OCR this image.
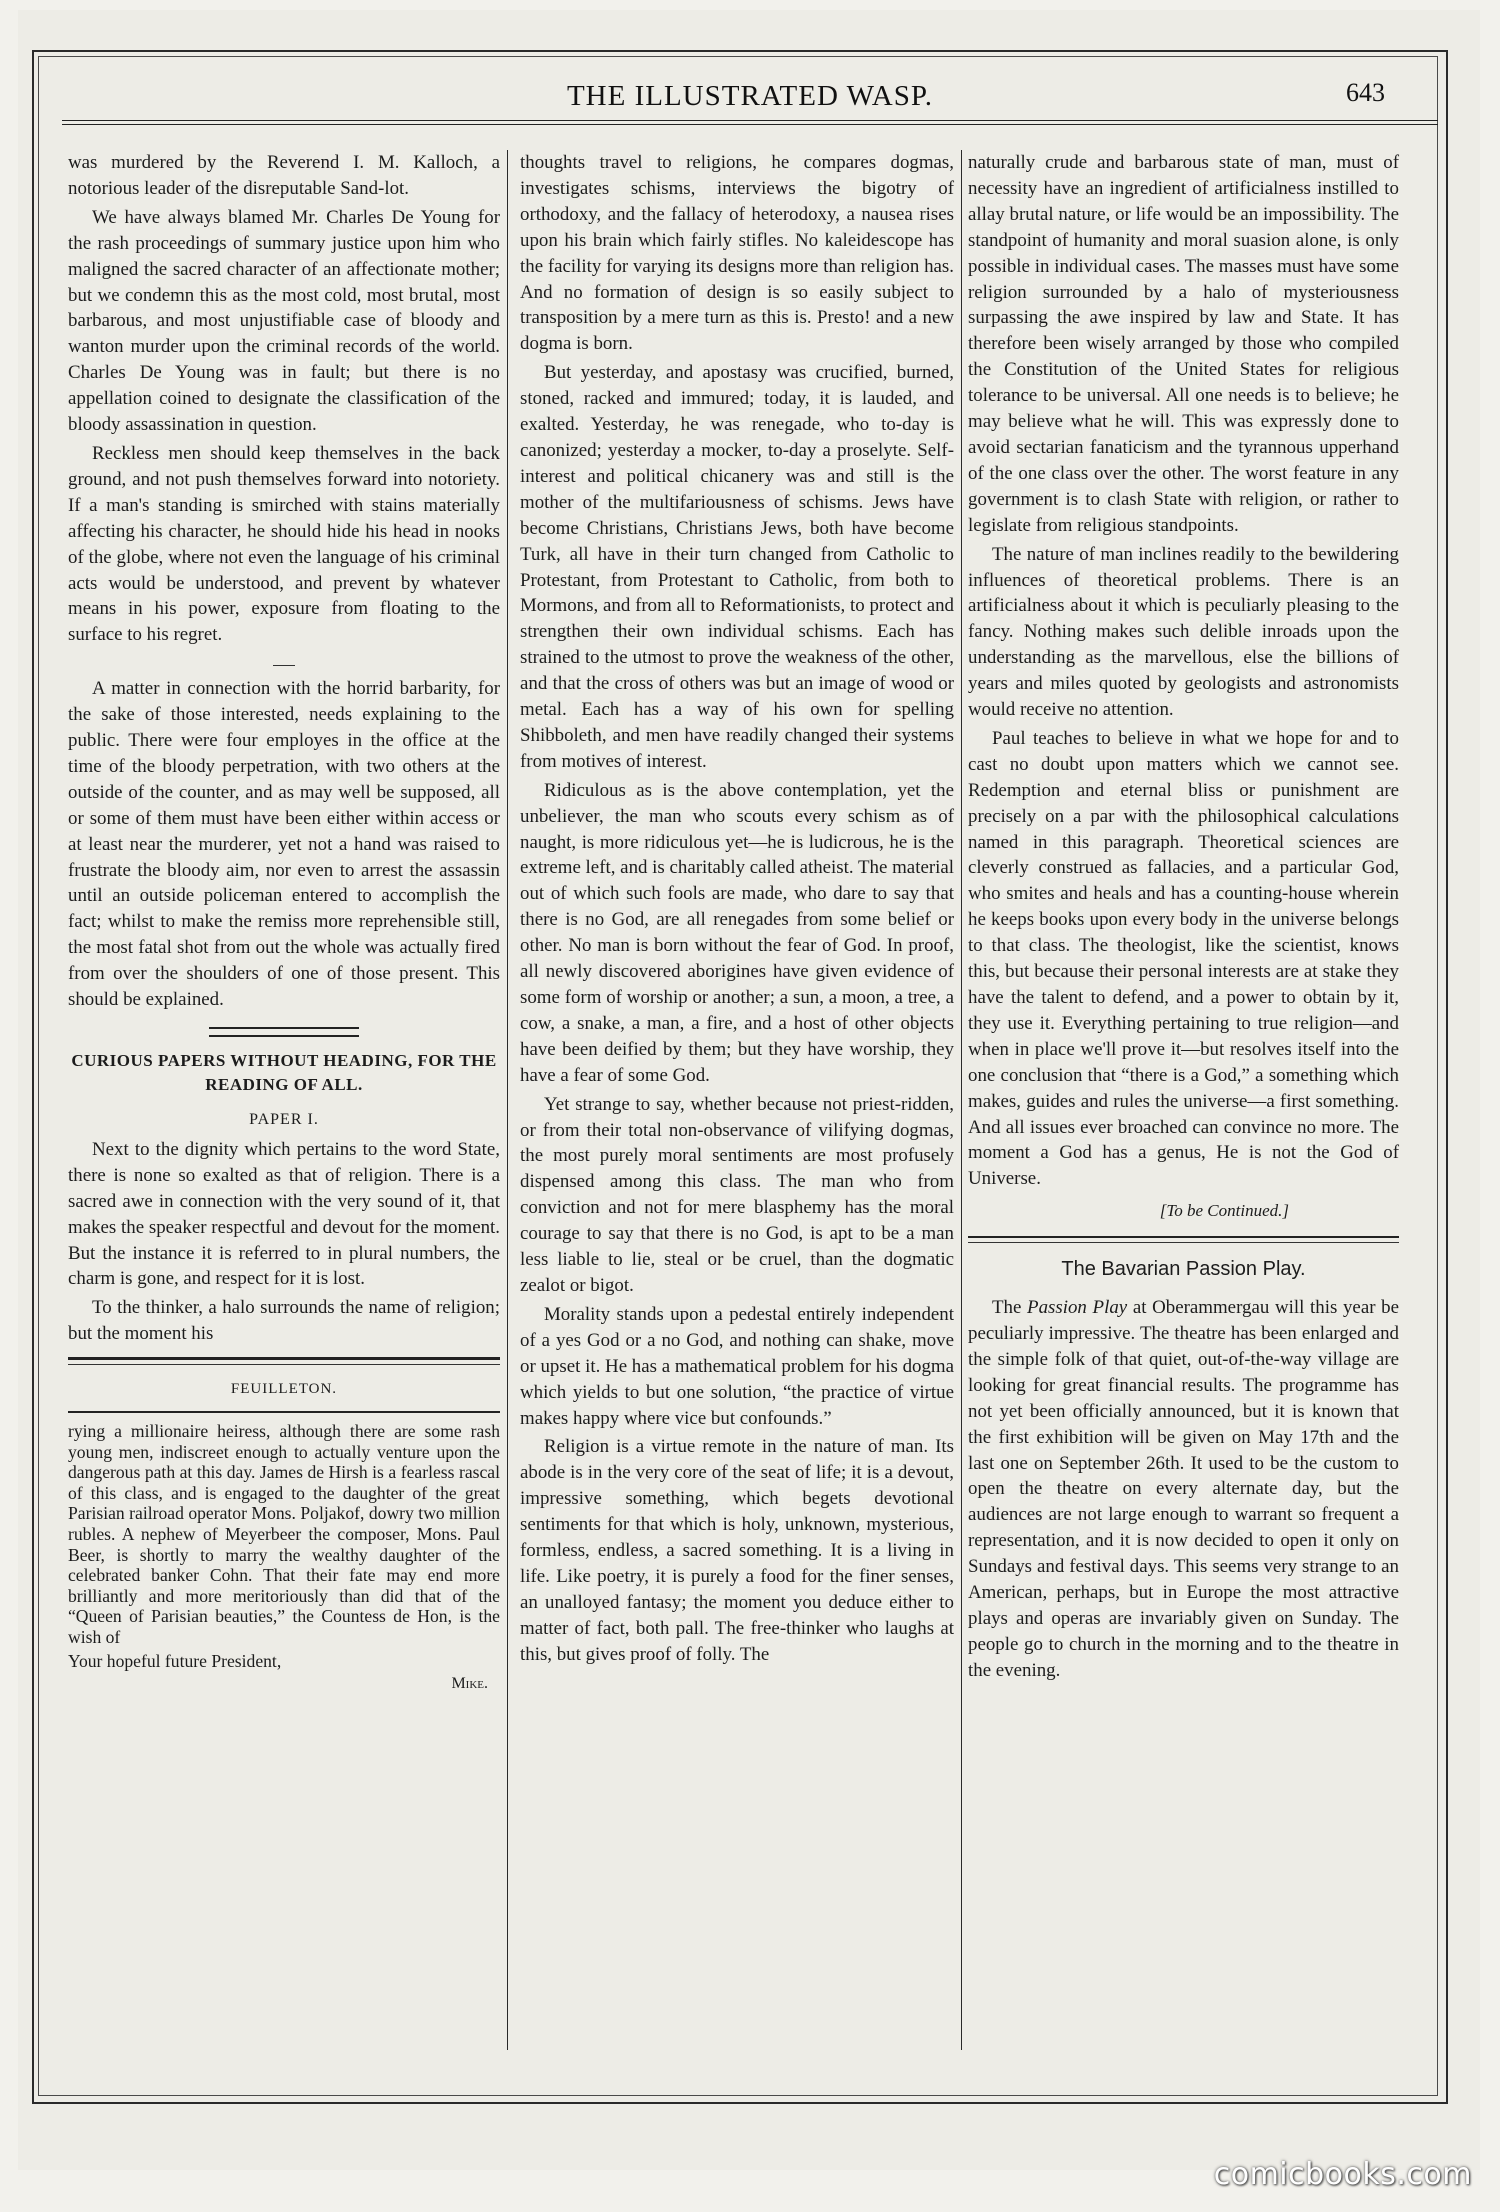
THE ILLUSTRATED WASP.	643

was murdered by the Reverend I. M. Kalloch, a notorious leader of the disreputable Sand-lot.

We have always blamed Mr. Charles De Young for the rash proceedings of summary justice upon him who maligned the sacred character of an affectionate mother; but we condemn this as the most cold, most brutal, most barbarous, and most unjustifiable case of bloody and wanton murder upon the criminal records of the world. Charles De Young was in fault; but there is no appellation coined to designate the classification of the bloody assassination in question.

Reckless men should keep themselves in the back ground, and not push themselves forward into notoriety. If a man's standing is smirched with stains materially affecting his character, he should hide his head in nooks of the globe, where not even the language of his criminal acts would be understood, and prevent by whatever means in his power, exposure from floating to the surface to his regret.

A matter in connection with the horrid barbarity, for the sake of those interested, needs explaining to the public. There were four employes in the office at the time of the bloody perpetration, with two others at the outside of the counter, and as may well be supposed, all or some of them must have been either within access or at least near the murderer, yet not a hand was raised to frustrate the bloody aim, nor even to arrest the assassin until an outside policeman entered to accomplish the fact; whilst to make the remiss more reprehensible still, the most fatal shot from out the whole was actually fired from over the shoulders of one of those present. This should be explained.

CURIOUS PAPERS WITHOUT HEADING, FOR THE READING OF ALL.
PAPER I.

Next to the dignity which pertains to the word State, there is none so exalted as that of religion. There is a sacred awe in connection with the very sound of it, that makes the speaker respectful and devout for the moment. But the instance it is referred to in plural numbers, the charm is gone, and respect for it is lost.

To the thinker, a halo surrounds the name of religion; but the moment his

FEUILLETON.

rying a millionaire heiress, although there are some rash young men, indiscreet enough to actually venture upon the dangerous path at this day. James de Hirsh is a fearless rascal of this class, and is engaged to the daughter of the great Parisian railroad operator Mons. Poljakof, dowry two million rubles. A nephew of Meyerbeer the composer, Mons. Paul Beer, is shortly to marry the wealthy daughter of the celebrated banker Cohn. That their fate may end more brilliantly and more meritoriously than did that of the “Queen of Parisian beauties,” the Countess de Hon, is the wish of

Your hopeful future President,

Mike.

thoughts travel to religions, he compares dogmas, investigates schisms, interviews the bigotry of orthodoxy, and the fallacy of heterodoxy, a nausea rises upon his brain which fairly stifles. No kaleidescope has the facility for varying its designs more than religion has. And no formation of design is so easily subject to transposition by a mere turn as this is. Presto! and a new dogma is born.

But yesterday, and apostasy was crucified, burned, stoned, racked and immured; today, it is lauded, and exalted. Yesterday, he was renegade, who to-day is canonized; yesterday a mocker, to-day a proselyte. Self-interest and political chicanery was and still is the mother of the multifariousness of schisms. Jews have become Christians, Christians Jews, both have become Turk, all have in their turn changed from Catholic to Protestant, from Protestant to Catholic, from both to Mormons, and from all to Reformationists, to protect and strengthen their own individual schisms. Each has strained to the utmost to prove the weakness of the other, and that the cross of others was but an image of wood or metal. Each has a way of his own for spelling Shibboleth, and men have readily changed their systems from motives of interest.

Ridiculous as is the above contemplation, yet the unbeliever, the man who scouts every schism as of naught, is more ridiculous yet—he is ludicrous, he is the extreme left, and is charitably called atheist. The material out of which such fools are made, who dare to say that there is no God, are all renegades from some belief or other. No man is born without the fear of God. In proof, all newly discovered aborigines have given evidence of some form of worship or another; a sun, a moon, a tree, a cow, a snake, a man, a fire, and a host of other objects have been deified by them; but they have worship, they have a fear of some God.

Yet strange to say, whether because not priest-ridden, or from their total non-observance of vilifying dogmas, the most purely moral sentiments are most profusely dispensed among this class. The man who from conviction and not for mere blasphemy has the moral courage to say that there is no God, is apt to be a man less liable to lie, steal or be cruel, than the dogmatic zealot or bigot.

Morality stands upon a pedestal entirely independent of a yes God or a no God, and nothing can shake, move or upset it. He has a mathematical problem for his dogma which yields to but one solution, “the practice of virtue makes happy where vice but confounds.”

Religion is a virtue remote in the nature of man. Its abode is in the very core of the seat of life; it is a devout, impressive something, which begets devotional sentiments for that which is holy, unknown, mysterious, formless, endless, a sacred something. It is a living in life. Like poetry, it is purely a food for the finer senses, an unalloyed fantasy; the moment you deduce either to matter of fact, both pall. The free-thinker who laughs at this, but gives proof of folly. The

naturally crude and barbarous state of man, must of necessity have an ingredient of artificialness instilled to allay brutal nature, or life would be an impossibility. The standpoint of humanity and moral suasion alone, is only possible in individual cases. The masses must have some religion surrounded by a halo of mysteriousness surpassing the awe inspired by law and State. It has therefore been wisely arranged by those who compiled the Constitution of the United States for religious tolerance to be universal. All one needs is to believe; he may believe what he will. This was expressly done to avoid sectarian fanaticism and the tyrannous upperhand of the one class over the other. The worst feature in any government is to clash State with religion, or rather to legislate from religious standpoints.

The nature of man inclines readily to the bewildering influences of theoretical problems. There is an artificialness about it which is peculiarly pleasing to the fancy. Nothing makes such delible inroads upon the understanding as the marvellous, else the billions of years and miles quoted by geologists and astronomists would receive no attention.

Paul teaches to believe in what we hope for and to cast no doubt upon matters which we cannot see. Redemption and eternal bliss or punishment are precisely on a par with the philosophical calculations named in this paragraph. Theoretical sciences are cleverly construed as fallacies, and a particular God, who smites and heals and has a counting-house wherein he keeps books upon every body in the universe belongs to that class. The theologist, like the scientist, knows this, but because their personal interests are at stake they have the talent to defend, and a power to obtain by it, they use it. Everything pertaining to true religion—and when in place we'll prove it—but resolves itself into the one conclusion that “there is a God,” a something which makes, guides and rules the universe—a first something. And all issues ever broached can convince no more. The moment a God has a genus, He is not the God of Universe.

[To be Continued.]
The Bavarian Passion Play.

The Passion Play at Oberammergau will this year be peculiarly impressive. The theatre has been enlarged and the simple folk of that quiet, out-of-the-way village are looking for great financial results. The programme has not yet been officially announced, but it is known that the first exhibition will be given on May 17th and the last one on September 26th. It used to be the custom to open the theatre on every alternate day, but the audiences are not large enough to warrant so frequent a representation, and it is now decided to open it only on Sundays and festival days. This seems very strange to an American, perhaps, but in Europe the most attractive plays and operas are invariably given on Sunday. The people go to church in the morning and to the theatre in the evening.

comicbooks.com
